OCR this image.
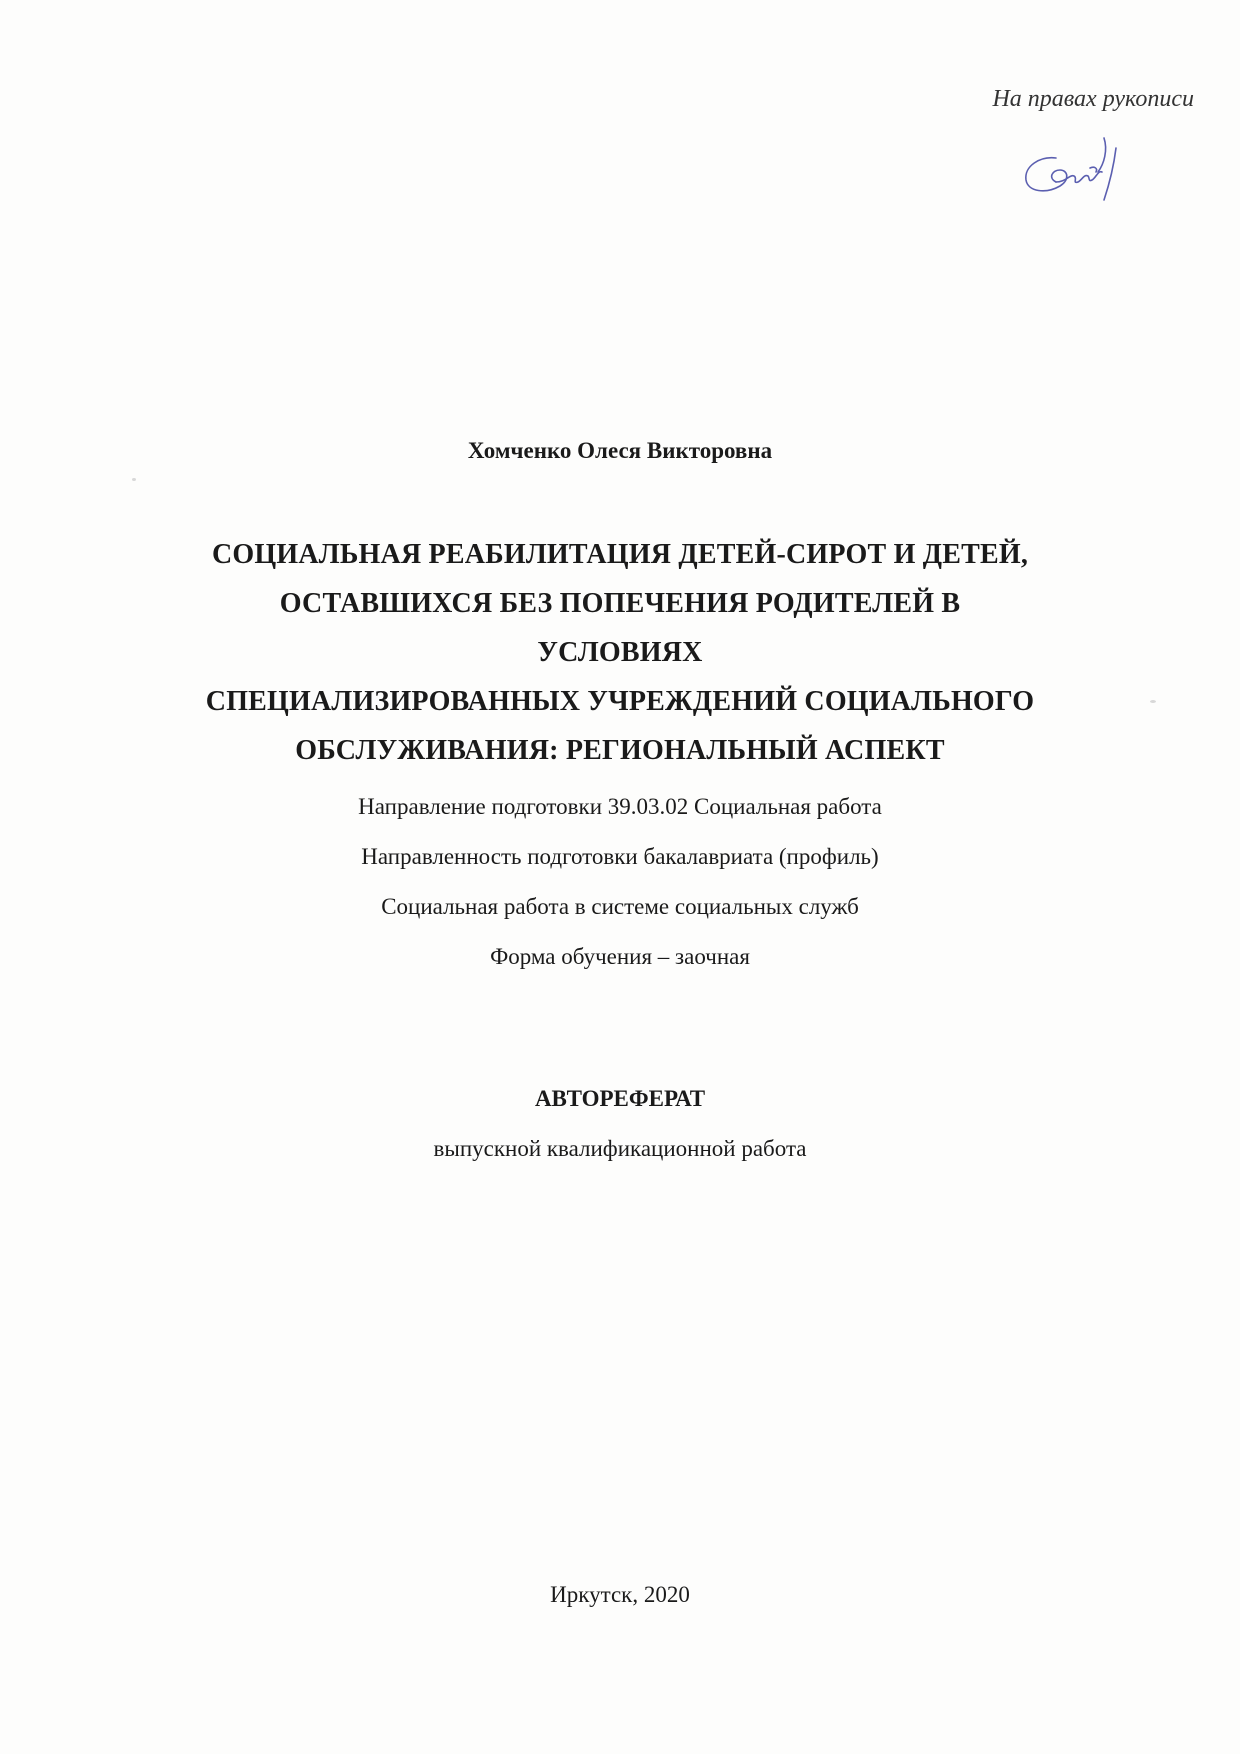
На правах рукописи
Хомченко Олеся Викторовна
СОЦИАЛЬНАЯ РЕАБИЛИТАЦИЯ ДЕТЕЙ-СИРОТ И ДЕТЕЙ,
ОСТАВШИХСЯ БЕЗ ПОПЕЧЕНИЯ РОДИТЕЛЕЙ В УСЛОВИЯХ
СПЕЦИАЛИЗИРОВАННЫХ УЧРЕЖДЕНИЙ СОЦИАЛЬНОГО
ОБСЛУЖИВАНИЯ: РЕГИОНАЛЬНЫЙ АСПЕКТ
Направление подготовки 39.03.02 Социальная работа
Направленность подготовки бакалавриата (профиль)
Социальная работа в системе социальных служб
Форма обучения – заочная
АВТОРЕФЕРАТ
выпускной квалификационной работа
Иркутск, 2020
